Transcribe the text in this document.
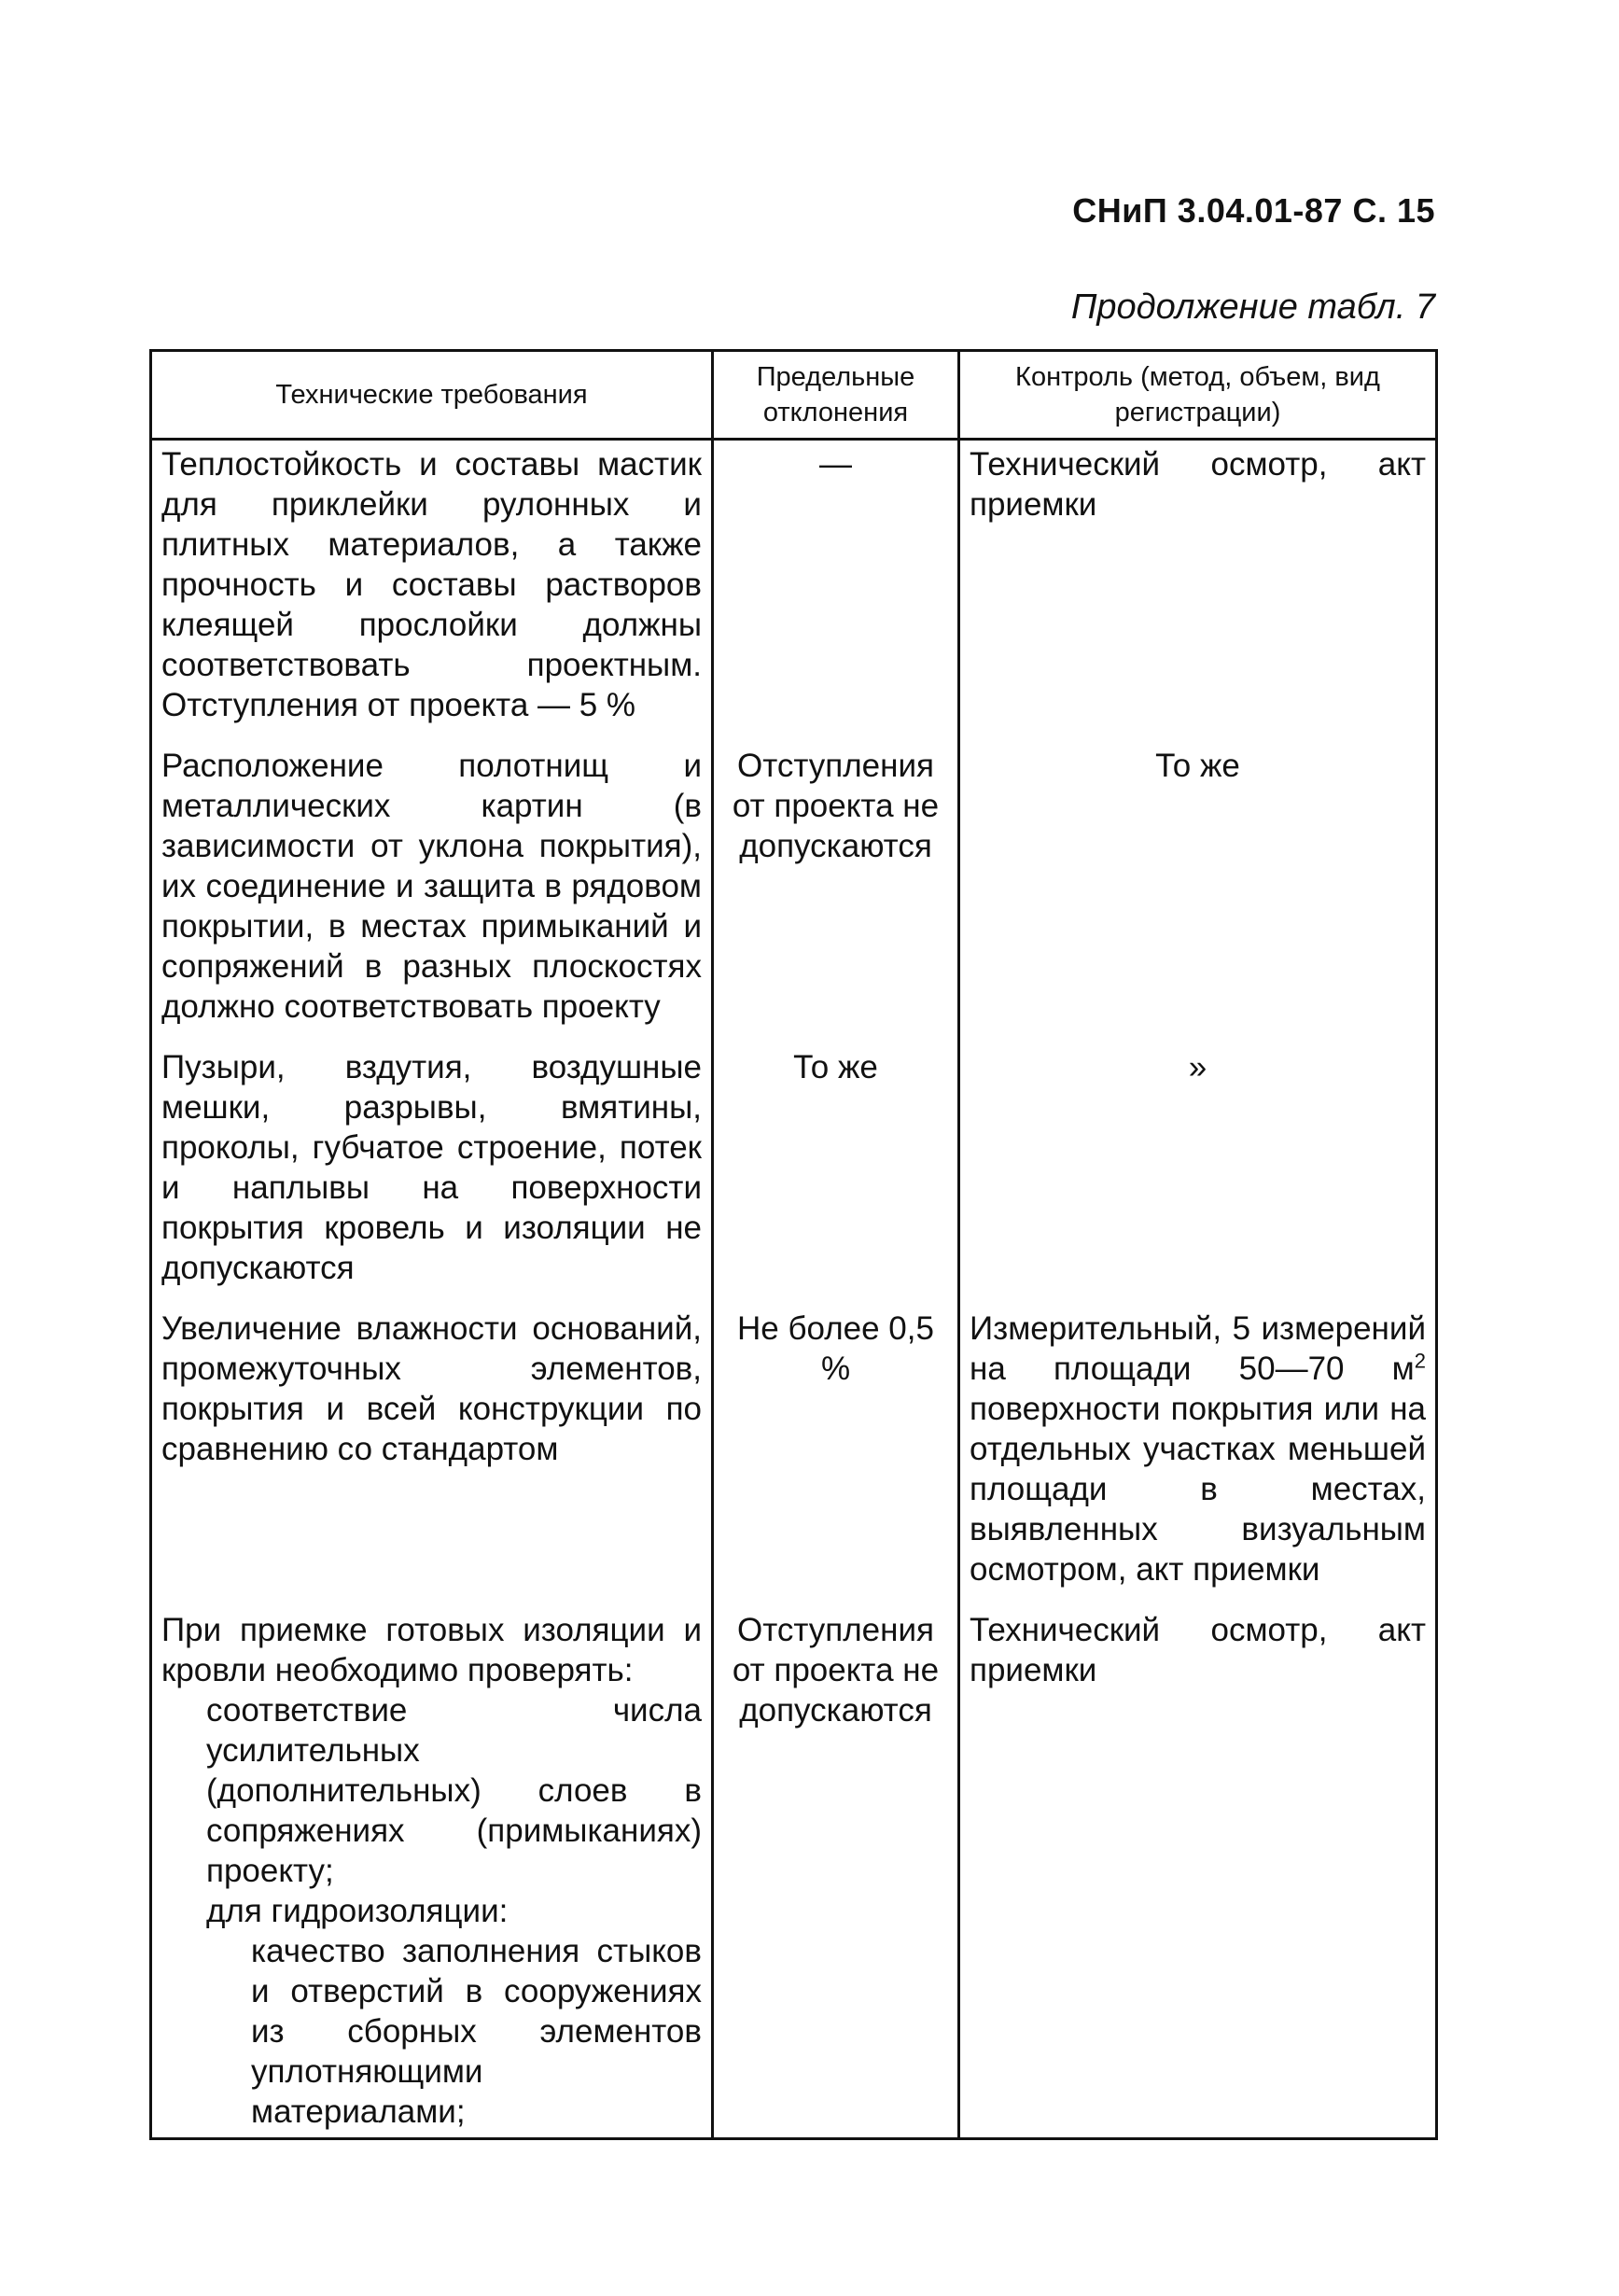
СНиП 3.04.01-87 С. 15
Продолжение табл. 7
Технические требования	Предельные отклонения	Контроль (метод, объем, вид регистрации)
Теплостойкость и составы мастик для приклейки рулонных и плитных материалов, а также прочность и составы растворов клеящей прослойки должны соответствовать проектным. Отступления от проекта — 5 %	—	Технический осмотр, акт приемки
Расположение полотнищ и металлических картин (в зависимости от уклона покрытия), их соединение и защита в рядовом покрытии, в местах примыканий и сопряжений в разных плоскостях должно соответствовать проекту	Отступления от проекта не допускаются	То же
Пузыри, вздутия, воздушные мешки, разрывы, вмятины, проколы, губчатое строение, потек и наплывы на поверхности покрытия кровель и изоляции не допускаются	То же	»
Увеличение влажности оснований, промежуточных элементов, покрытия и всей конструкции по сравнению со стандартом	Не более 0,5 %	Измерительный, 5 измерений на площади 50—70 $м^2$ поверхности покрытия или на отдельных участках меньшей площади в местах, выявленных визуальным осмотром, акт приемки

При приемке готовых изоляции и кровли необходимо проверять:
соответствие числа усилительных (дополнительных) слоев в сопряжениях (примыканиях) проекту;
для гидроизоляции:
качество заполнения стыков и отверстий в сооружениях из сборных элементов уплотняющими материалами;	Отступления от проекта не допускаются	Технический осмотр, акт приемки
